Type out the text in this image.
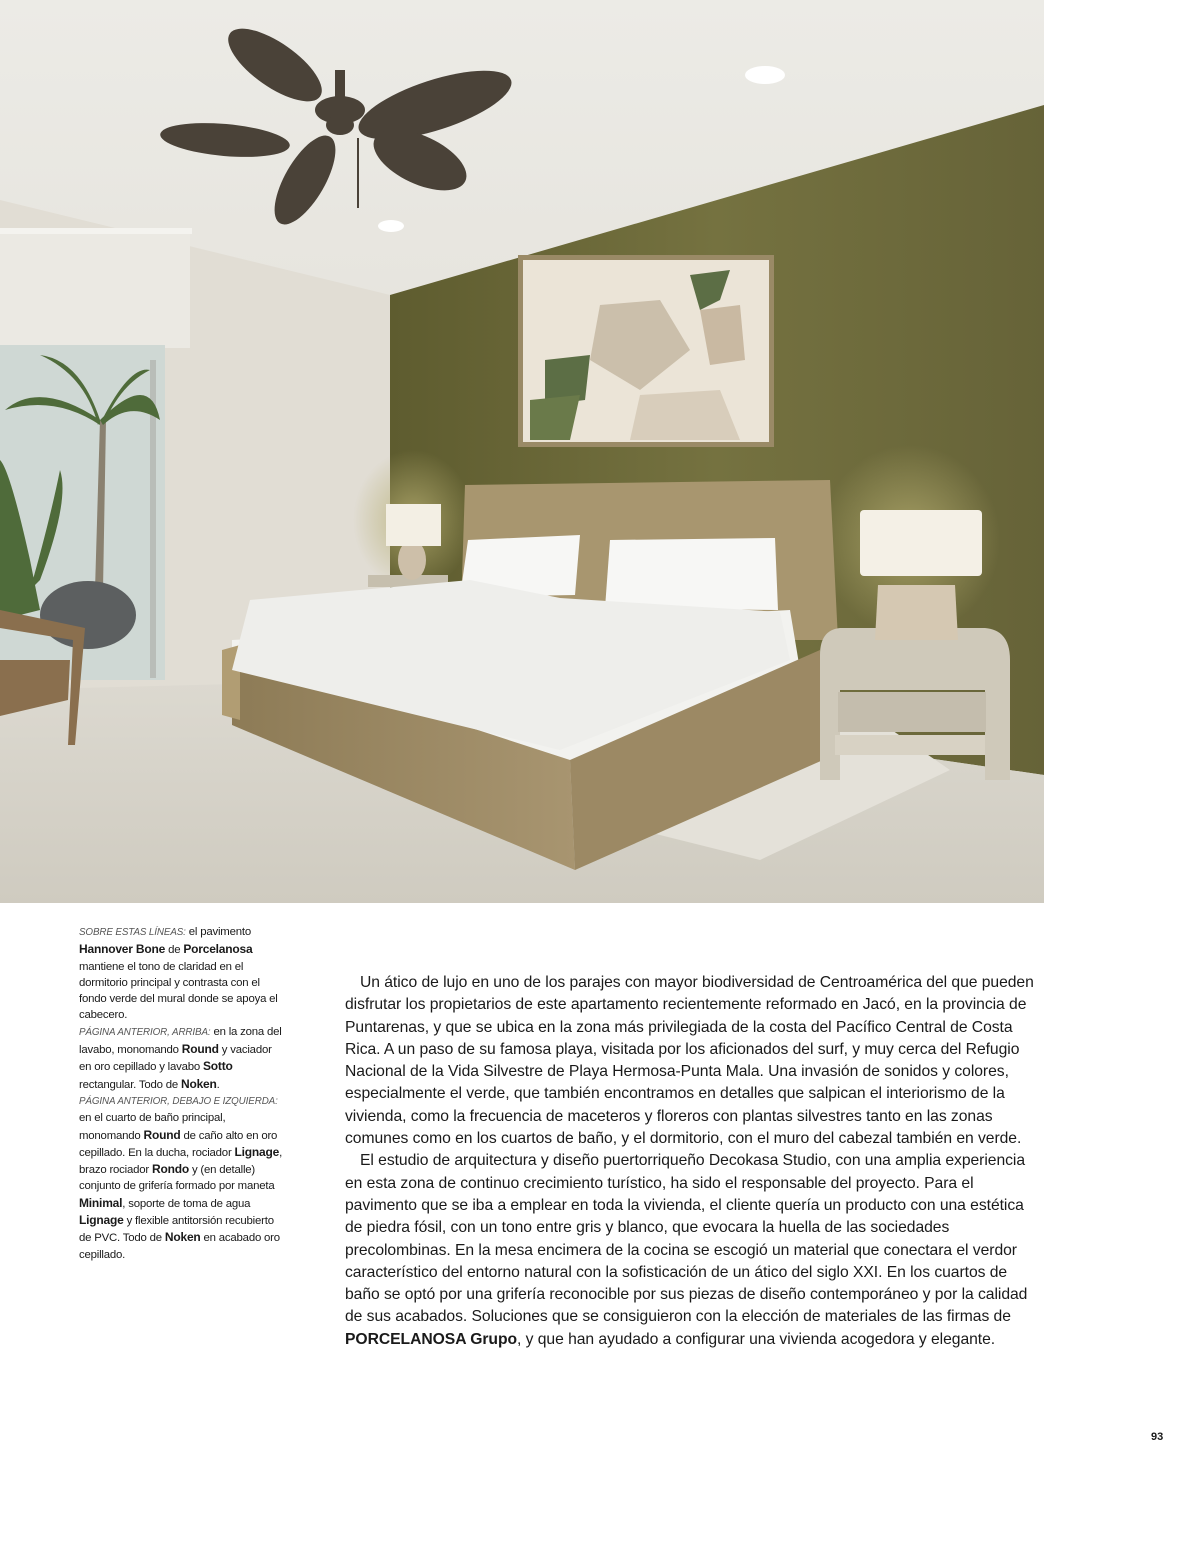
SOBRE ESTAS LÍNEAS: el pavimento Hannover Bone de Porcelanosa mantiene el tono de claridad en el dormitorio principal y contrasta con el fondo verde del mural donde se apoya el cabecero.
PÁGINA ANTERIOR, ARRIBA: en la zona del lavabo, monomando Round y vaciador en oro cepillado y lavabo Sotto rectangular. Todo de Noken.
PÁGINA ANTERIOR, DEBAJO E IZQUIERDA: en el cuarto de baño principal, monomando Round de caño alto en oro cepillado. En la ducha, rociador Lignage, brazo rociador Rondo y (en detalle) conjunto de grifería formado por maneta Minimal, soporte de toma de agua Lignage y flexible antitorsión recubierto de PVC. Todo de Noken en acabado oro cepillado.

Un ático de lujo en uno de los parajes con mayor biodiversidad de Centroamérica del que pueden disfrutar los propietarios de este apartamento recientemente reformado en Jacó, en la provincia de Puntarenas, y que se ubica en la zona más privilegiada de la costa del Pacífico Central de Costa Rica. A un paso de su famosa playa, visitada por los aficionados del surf, y muy cerca del Refugio Nacional de la Vida Silvestre de Playa Hermosa-Punta Mala. Una invasión de sonidos y colores, especialmente el verde, que también encontramos en detalles que salpican el interiorismo de la vivienda, como la frecuencia de maceteros y floreros con plantas silvestres tanto en las zonas comunes como en los cuartos de baño, y el dormitorio, con el muro del cabezal también en verde.

El estudio de arquitectura y diseño puertorriqueño Decokasa Studio, con una amplia experiencia en esta zona de continuo crecimiento turístico, ha sido el responsable del proyecto. Para el pavimento que se iba a emplear en toda la vivienda, el cliente quería un producto con una estética de piedra fósil, con un tono entre gris y blanco, que evocara la huella de las sociedades precolombinas. En la mesa encimera de la cocina se escogió un material que conectara el verdor característico del entorno natural con la sofisticación de un ático del siglo XXI. En los cuartos de baño se optó por una grifería reconocible por sus piezas de diseño contemporáneo y por la calidad de sus acabados. Soluciones que se consiguieron con la elección de materiales de las firmas de PORCELANOSA Grupo, y que han ayudado a configurar una vivienda acogedora y elegante.

93
